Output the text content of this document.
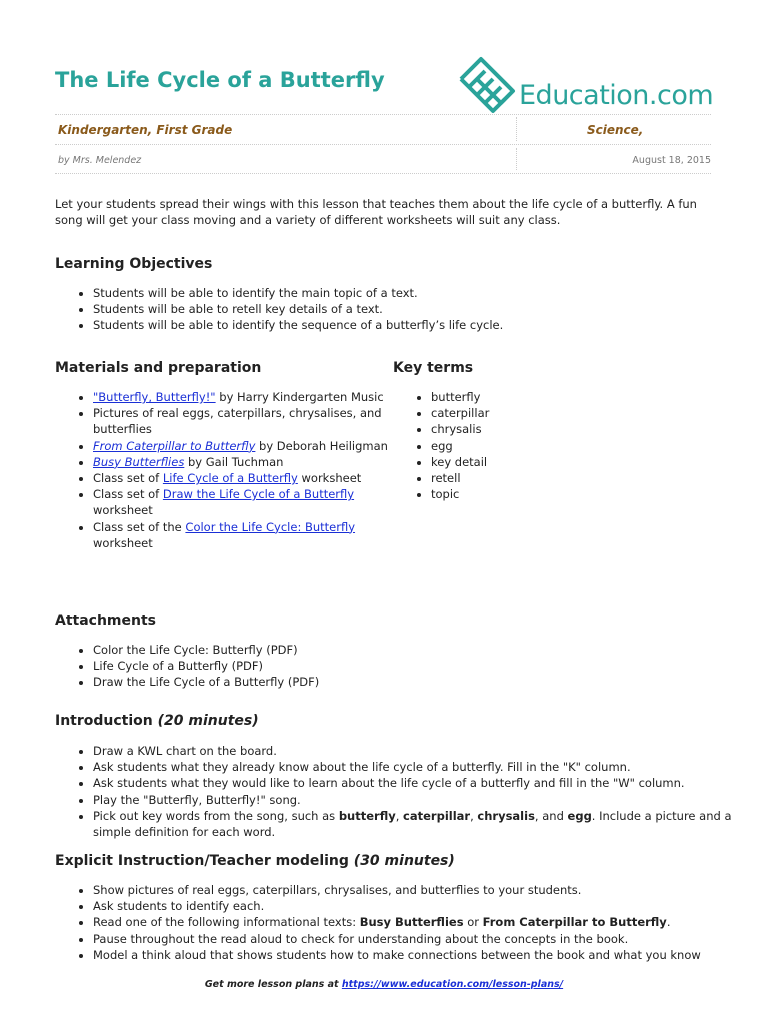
The Life Cycle of a Butterfly	Education.com
Kindergarten, First Grade	Science,
by Mrs. Melendez	August 18, 2015

Let your students spread their wings with this lesson that teaches them about the life cycle of a butterfly. A fun song will get your class moving and a variety of different worksheets will suit any class.

Learning Objectives
• Students will be able to identify the main topic of a text.
• Students will be able to retell key details of a text.
• Students will be able to identify the sequence of a butterfly’s life cycle.
Materials and preparation
• "Butterfly, Butterfly!" by Harry Kindergarten Music
• Pictures of real eggs, caterpillars, chrysalises, and butterflies
• From Caterpillar to Butterfly by Deborah Heiligman
• Busy Butterflies by Gail Tuchman
• Class set of Life Cycle of a Butterfly worksheet
• Class set of Draw the Life Cycle of a Butterfly worksheet
• Class set of the Color the Life Cycle: Butterfly worksheet
Key terms
• butterfly
• caterpillar
• chrysalis
• egg
• key detail
• retell
• topic
Attachments
• Color the Life Cycle: Butterfly (PDF)
• Life Cycle of a Butterfly (PDF)
• Draw the Life Cycle of a Butterfly (PDF)
Introduction (20 minutes)
• Draw a KWL chart on the board.
• Ask students what they already know about the life cycle of a butterfly. Fill in the "K" column.
• Ask students what they would like to learn about the life cycle of a butterfly and fill in the "W" column.
• Play the "Butterfly, Butterfly!" song.
• Pick out key words from the song, such as butterfly, caterpillar, chrysalis, and egg. Include a picture and a simple definition for each word.
Explicit Instruction/Teacher modeling (30 minutes)
• Show pictures of real eggs, caterpillars, chrysalises, and butterflies to your students.
• Ask students to identify each.
• Read one of the following informational texts: Busy Butterflies or From Caterpillar to Butterfly.
• Pause throughout the read aloud to check for understanding about the concepts in the book.
• Model a think aloud that shows students how to make connections between the book and what you know
Get more lesson plans at https://www.education.com/lesson-plans/
